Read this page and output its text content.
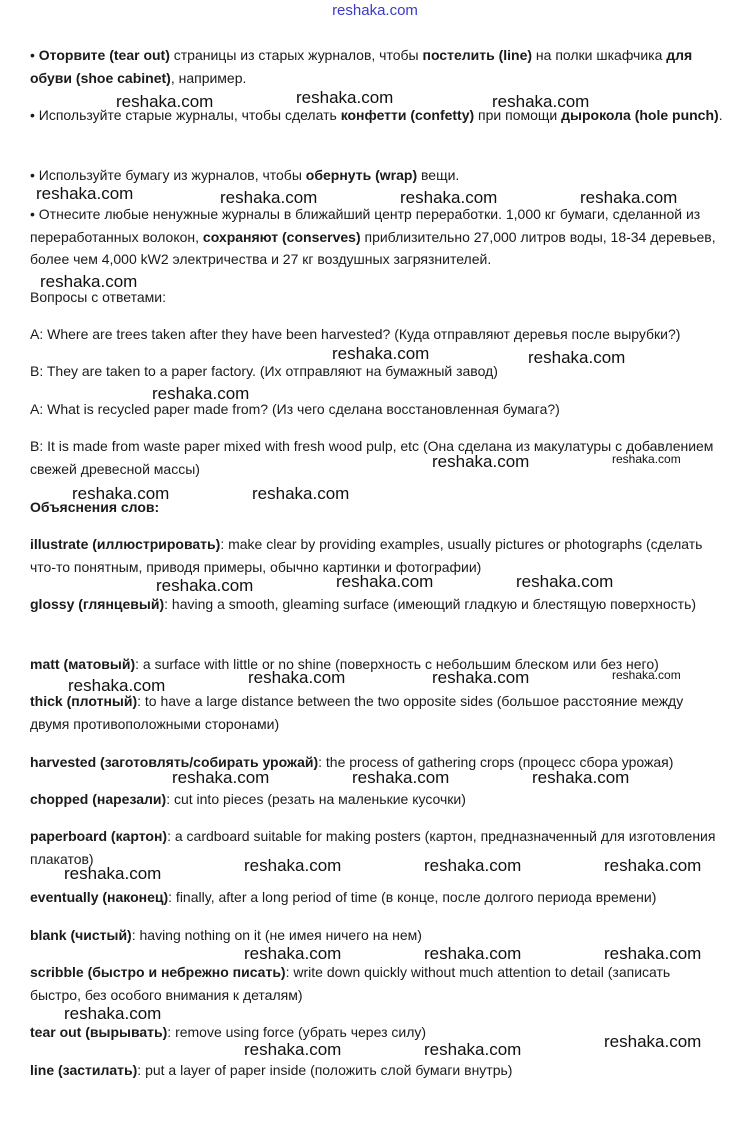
reshaka.com
• Оторвите (tear out) страницы из старых журналов, чтобы постелить (line) на полки шкафчика для обуви (shoe cabinet), например.
• Используйте старые журналы, чтобы сделать конфетти (confetty) при помощи дырокола (hole punch).
• Используйте бумагу из журналов, чтобы обернуть (wrap) вещи.
• Отнесите любые ненужные журналы в ближайший центр переработки. 1,000 кг бумаги, сделанной из переработанных волокон, сохраняют (conserves) приблизительно 27,000 литров воды, 18-34 деревьев, более чем 4,000 kW2 электричества и 27 кг воздушных загрязнителей.
Вопросы с ответами:
A: Where are trees taken after they have been harvested? (Куда отправляют деревья после вырубки?)
B: They are taken to a paper factory. (Их отправляют на бумажный завод)
A: What is recycled paper made from? (Из чего сделана восстановленная бумага?)
B: It is made from waste paper mixed with fresh wood pulp, etc (Она сделана из макулатуры с добавлением свежей древесной массы)
Объяснения слов:
illustrate (иллюстрировать): make clear by providing examples, usually pictures or photographs (сделать что-то понятным, приводя примеры, обычно картинки и фотографии)
glossy (глянцевый): having a smooth, gleaming surface (имеющий гладкую и блестящую поверхность)
matt (матовый): a surface with little or no shine (поверхность с небольшим блеском или без него)
thick (плотный): to have a large distance between the two opposite sides (большое расстояние между двумя противоположными сторонами)
harvested (заготовлять/собирать урожай): the process of gathering crops (процесс сбора урожая)
chopped (нарезали): cut into pieces (резать на маленькие кусочки)
paperboard (картон): a cardboard suitable for making posters (картон, предназначенный для изготовления плакатов)
eventually (наконец): finally, after a long period of time (в конце, после долгого периода времени)
blank (чистый): having nothing on it (не имея ничего на нем)
scribble (быстро и небрежно писать): write down quickly without much attention to detail (записать быстро, без особого внимания к деталям)
tear out (вырывать): remove using force (убрать через силу)
line (застилать): put a layer of paper inside (положить слой бумаги внутрь)
reshaka.com	reshaka.com	reshaka.com
reshaka.com	reshaka.com	reshaka.com	reshaka.com
reshaka.com
reshaka.com	reshaka.com
reshaka.com
reshaka.com	reshaka.com
reshaka.com	reshaka.com
reshaka.com	reshaka.com	reshaka.com
reshaka.com	reshaka.com	reshaka.com	reshaka.com
reshaka.com	reshaka.com	reshaka.com
reshaka.com	reshaka.com	reshaka.com
reshaka.com
reshaka.com	reshaka.com	reshaka.com
reshaka.com
reshaka.com	reshaka.com	reshaka.com
